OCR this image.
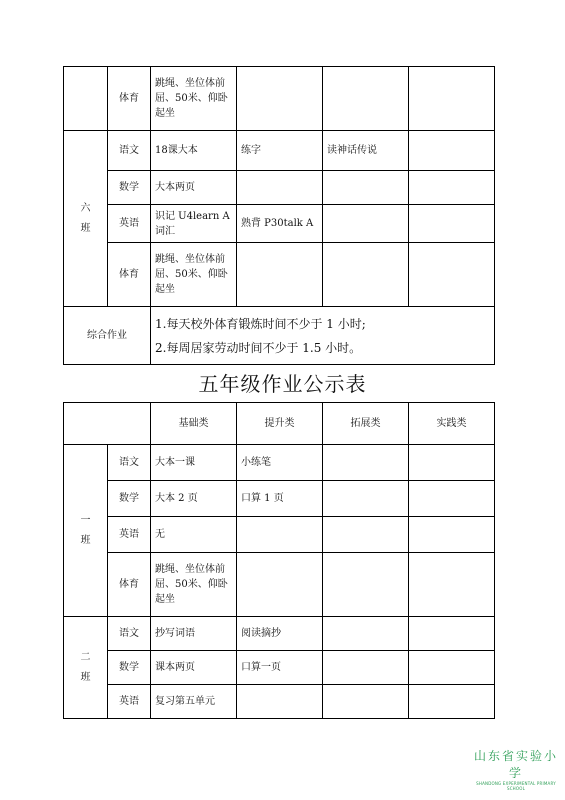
	体育	跳绳、坐位体前屈、50米、仰卧起坐			
六
班	语文	18课大本	练字	读神话传说	
	数学	大本两页			
	英语	识记 U4learn A 词汇	熟背 P30talk A		
	体育	跳绳、坐位体前屈、50米、仰卧起坐			
综合作业		1.每天校外体育锻炼时间不少于 1 小时;
2.每周居家劳动时间不少于 1.5 小时。			
五年级作业公示表
		基础类	提升类	拓展类	实践类
一
班	语文	大本一课	小练笔		
	数学	大本 2 页	口算 1 页		
	英语	无			
	体育	跳绳、坐位体前屈、50米、仰卧起坐			
二
班	语文	抄写词语	阅读摘抄		
	数学	课本两页	口算一页		
	英语	复习第五单元			
山东省实验小学
SHANDONG EXPERIMENTAL PRIMARY SCHOOL
